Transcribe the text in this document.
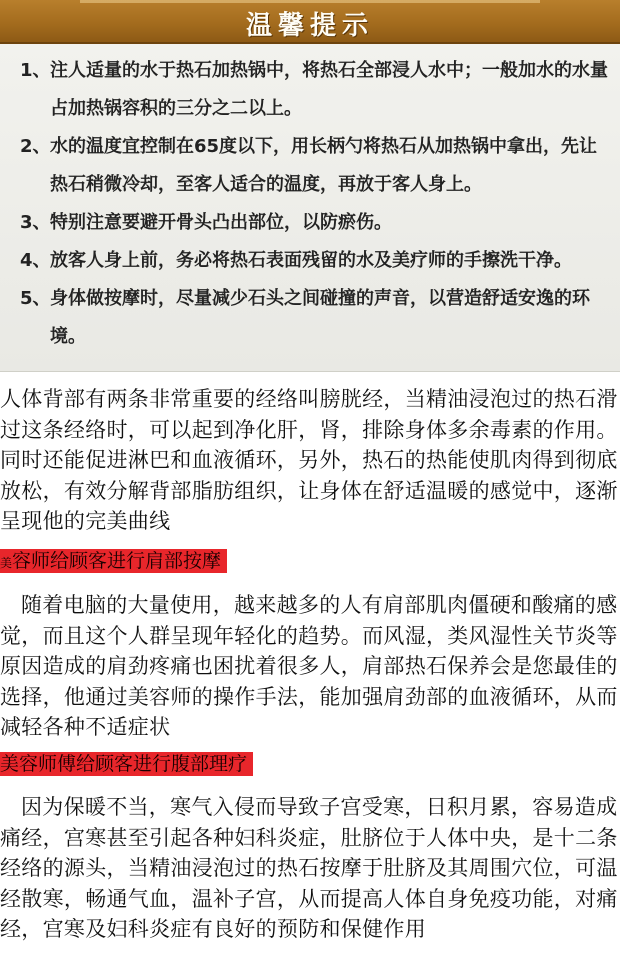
温馨提示
1、 注人适量的水于热石加热锅中，将热石全部浸人水中；一般加水的水量占加热锅容积的三分之二以上。
2、 水的温度宜控制在65度以下，用长柄勺将热石从加热锅中拿出，先让热石稍微冷却，至客人适合的温度，再放于客人身上。
3、 特别注意要避开骨头凸出部位，以防瘀伤。
4、 放客人身上前，务必将热石表面残留的水及美疗师的手擦洗干净。
5、 身体做按摩时，尽量减少石头之间碰撞的声音，以营造舒适安逸的环境。
人体背部有两条非常重要的经络叫膀胱经，当精油浸泡过的热石滑过这条经络时，可以起到净化肝，肾，排除身体多余毒素的作用。同时还能促进淋巴和血液循环，另外，热石的热能使肌肉得到彻底放松，有效分解背部脂肪组织，让身体在舒适温暖的感觉中，逐渐呈现他的完美曲线
美容师给顾客进行肩部按摩
随着电脑的大量使用，越来越多的人有肩部肌肉僵硬和酸痛的感觉，而且这个人群呈现年轻化的趋势。而风湿，类风湿性关节炎等原因造成的肩劲疼痛也困扰着很多人，肩部热石保养会是您最佳的选择，他通过美容师的操作手法，能加强肩劲部的血液循环，从而减轻各种不适症状
美容师傅给顾客进行腹部理疗
因为保暖不当，寒气入侵而导致子宫受寒，日积月累，容易造成痛经，宫寒甚至引起各种妇科炎症，肚脐位于人体中央，是十二条经络的源头，当精油浸泡过的热石按摩于肚脐及其周围穴位，可温经散寒，畅通气血，温补子宫，从而提高人体自身免疫功能，对痛经，宫寒及妇科炎症有良好的预防和保健作用
